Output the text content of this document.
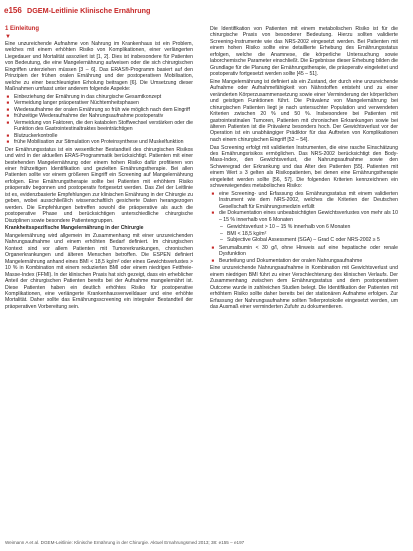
e156 DGEM-Leitlinie Klinische Ernährung
1 Einleitung
▼

Eine unzureichende Aufnahme von Nahrung im Krankenhaus ist ein Problem, welches mit einem erhöhten Risiko von Komplikationen, einer verlängerten Liegedauer und Mortalität assoziiert ist [1, 2]. Dies ist insbesondere für Patienten von Bedeutung, die eine Mangelernährung aufweisen oder die sich chirurgischen Eingriffen unterziehen müssen [3 – 6]. Das ERAS®-Programm basiert auf den Prinzipien der frühen oralen Ernährung und der postoperativen Mobilisation, welche zu einer beschleunigten Erholung beitragen [6]. Die Umsetzung dieser Maßnahmen umfasst unter anderem folgende Aspekte:

■ Einbeziehung der Ernährung in das chirurgische Gesamtkonzept
■ Vermeidung langer präoperativer Nüchternheitsphasen
■ Wiederaufnahme der oralen Ernährung so früh wie möglich nach dem Eingriff
■ frühzeitige Wiederaufnahme der Nahrungsaufnahme postoperativ
■ Vermeidung von Faktoren, die den katabolen Stoffwechsel verstärken oder die Funktion des Gastrointestinaltraktes beeinträchtigen
■ Blutzuckerkontrolle
■ frühe Mobilisation zur Stimulation von Proteinsynthese und Muskelfunktion

Der Ernährungsstatus ist ein wesentlicher Bestandteil des chirurgischen Risikos und wird in der aktuellen ERAS-Programmatik berücksichtigt. Patienten mit einer bestehenden Mangelernährung oder einem hohen Risiko dafür profitieren von einer frühzeitigen Identifikation und gezielten Ernährungstherapie. Bei allen Patienten sollte vor einem größeren Eingriff ein Screening auf Mangelernährung erfolgen. Eine Ernährungstherapie sollte bei Patienten mit erhöhtem Risiko präoperativ begonnen und postoperativ fortgesetzt werden. Das Ziel der Leitlinie ist es, evidenzbasierte Empfehlungen zur klinischen Ernährung in der Chirurgie zu geben, wobei ausschließlich wissenschaftlich gesicherte Daten herangezogen werden. Die Empfehlungen betreffen sowohl die präoperative als auch die postoperative Phase und berücksichtigen unterschiedliche chirurgische Disziplinen sowie besondere Patientengruppen.

Krankheitsspezifische Mangelernährung in der Chirurgie

Mangelernährung wird allgemein im Zusammenhang mit einer unzureichenden Nahrungsaufnahme und einem erhöhten Bedarf definiert. Im chirurgischen Kontext sind vor allem Patienten mit Tumorerkrankungen, chronischen Organerkrankungen und älteren Menschen betroffen. Die ESPEN definiert Mangelernährung anhand eines BMI < 18,5 kg/m² oder eines Gewichtsverlustes > 10 % in Kombination mit einem reduzierten BMI oder einem niedrigen Fettfreie-Masse-Index (FFMI). In der klinischen Praxis hat sich gezeigt, dass ein erheblicher Anteil der chirurgischen Patienten bereits bei der Aufnahme mangelernährt ist. Diese Patienten haben ein deutlich erhöhtes Risiko für postoperative Komplikationen, eine verlängerte Krankenhausverweildauer und eine erhöhte Mortalität. Daher sollte das Ernährungsscreening ein integraler Bestandteil der präoperativen Vorbereitung sein.

Die Identifikation von Patienten mit einem metabolischen Risiko ist für die chirurgische Praxis von besonderer Bedeutung. Hierzu sollten validierte Screening-Instrumente wie das NRS-2002 eingesetzt werden. Bei Patienten mit einem hohen Risiko sollte eine detaillierte Erhebung des Ernährungsstatus erfolgen, welche die Anamnese, die körperliche Untersuchung sowie laborchemische Parameter einschließt. Die Ergebnisse dieser Erhebung bilden die Grundlage für die Planung der Ernährungstherapie, die präoperativ eingeleitet und postoperativ fortgesetzt werden sollte [45 – 51].

Eine Mangelernährung ist definiert als ein Zustand, der durch eine unzureichende Aufnahme oder Aufnahmefähigkeit von Nährstoffen entsteht und zu einer veränderten Körperzusammensetzung sowie einer Verminderung der körperlichen und geistigen Funktionen führt. Die Prävalenz von Mangelernährung bei chirurgischen Patienten liegt je nach untersuchter Population und verwendeten Kriterien zwischen 20 % und 50 %. Insbesondere bei Patienten mit gastrointestinalen Tumoren, Patienten mit chronischen Erkrankungen sowie bei älteren Patienten ist die Prävalenz besonders hoch. Der Gewichtsverlust vor der Operation ist ein unabhängiger Prädiktor für das Auftreten von Komplikationen nach einem chirurgischen Eingriff [52 – 54].

Das Screening erfolgt mit validierten Instrumenten, die eine rasche Einschätzung des Ernährungsrisikos ermöglichen. Das NRS-2002 berücksichtigt den Body-Mass-Index, den Gewichtsverlust, die Nahrungsaufnahme sowie den Schweregrad der Erkrankung und das Alter des Patienten [55]. Patienten mit einem Wert ≥ 3 gelten als Risikopatienten, bei denen eine Ernährungstherapie eingeleitet werden sollte [56, 57]. Die folgenden Kriterien kennzeichnen ein schwerwiegendes metabolisches Risiko:

■ eine Screening- und Erfassung des Ernährungsstatus mit einem validierten Instrument wie dem NRS-2002, welches die Kriterien der Deutschen Gesellschaft für Ernährungsmedizin erfüllt
■ die Dokumentation eines unbeabsichtigten Gewichtsverlustes von mehr als 10 – 15 % innerhalb von 6 Monaten
– Gewichtsverlust > 10 – 15 % innerhalb von 6 Monaten
– BMI < 18,5 kg/m²
– Subjective Global Assessment (SGA) – Grad C oder NRS-2002 ≥ 5
■ Serumalbumin < 30 g/l, ohne Hinweis auf eine hepatische oder renale Dysfunktion
■ Beurteilung und Dokumentation der oralen Nahrungsaufnahme

Eine unzureichende Nahrungsaufnahme in Kombination mit Gewichtsverlust und einem niedrigen BMI führt zu einer Verschlechterung des klinischen Verlaufs. Der Zusammenhang zwischen dem Ernährungsstatus und dem postoperativen Outcome wurde in zahlreichen Studien belegt. Die Identifikation der Patienten mit erhöhtem Risiko sollte daher bereits bei der stationären Aufnahme erfolgen. Zur Erfassung der Nahrungsaufnahme sollten Tellerprotokolle eingesetzt werden, um das Ausmaß einer verminderten Zufuhr zu dokumentieren.

Weimann A et al. DGEM-Leitlinie: Klinische Ernährung in der Chirurgie. Aktuel Ernahrungsmed 2013; 38: e155 – e197
